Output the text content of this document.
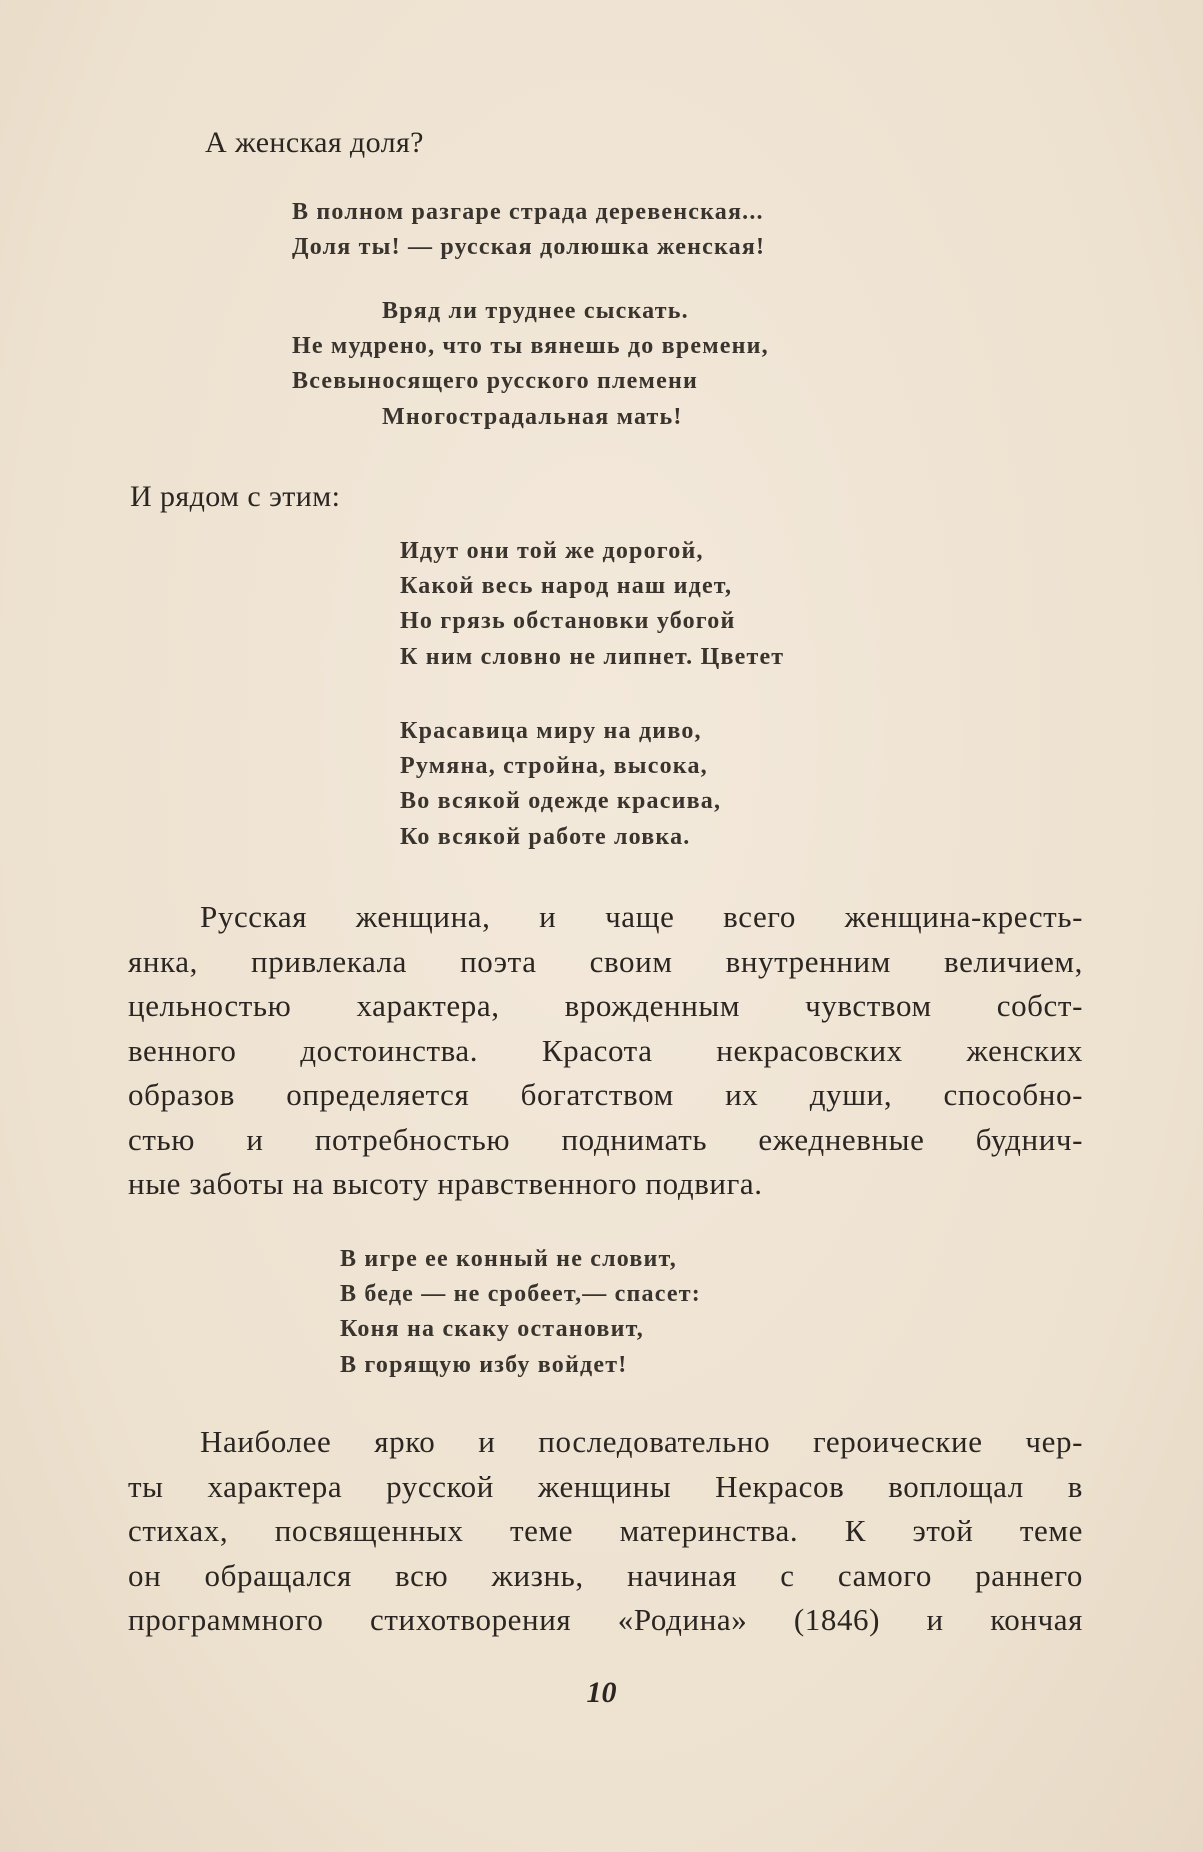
А женская доля?
В полном разгаре страда деревенская...
Доля ты! — русская долюшка женская!
Вряд ли труднее сыскать.
Не мудрено, что ты вянешь до времени,
Всевыносящего русского племени
Многострадальная мать!
И рядом с этим:
Идут они той же дорогой,
Какой весь народ наш идет,
Но грязь обстановки убогой
К ним словно не липнет. Цветет
Красавица миру на диво,
Румяна, стройна, высока,
Во всякой одежде красива,
Ко всякой работе ловка.
Русская женщина, и чаще всего женщина-кресть-
янка, привлекала поэта своим внутренним величием,
цельностью характера, врожденным чувством собст-
венного достоинства. Красота некрасовских женских
образов определяется богатством их души, способно-
стью и потребностью поднимать ежедневные буднич-
ные заботы на высоту нравственного подвига.
В игре ее конный не словит,
В беде — не сробеет,— спасет:
Коня на скаку остановит,
В горящую избу войдет!
Наиболее ярко и последовательно героические чер-
ты характера русской женщины Некрасов воплощал в
стихах, посвященных теме материнства. К этой теме
он обращался всю жизнь, начиная с самого раннего
программного стихотворения «Родина» (1846) и кончая
10
